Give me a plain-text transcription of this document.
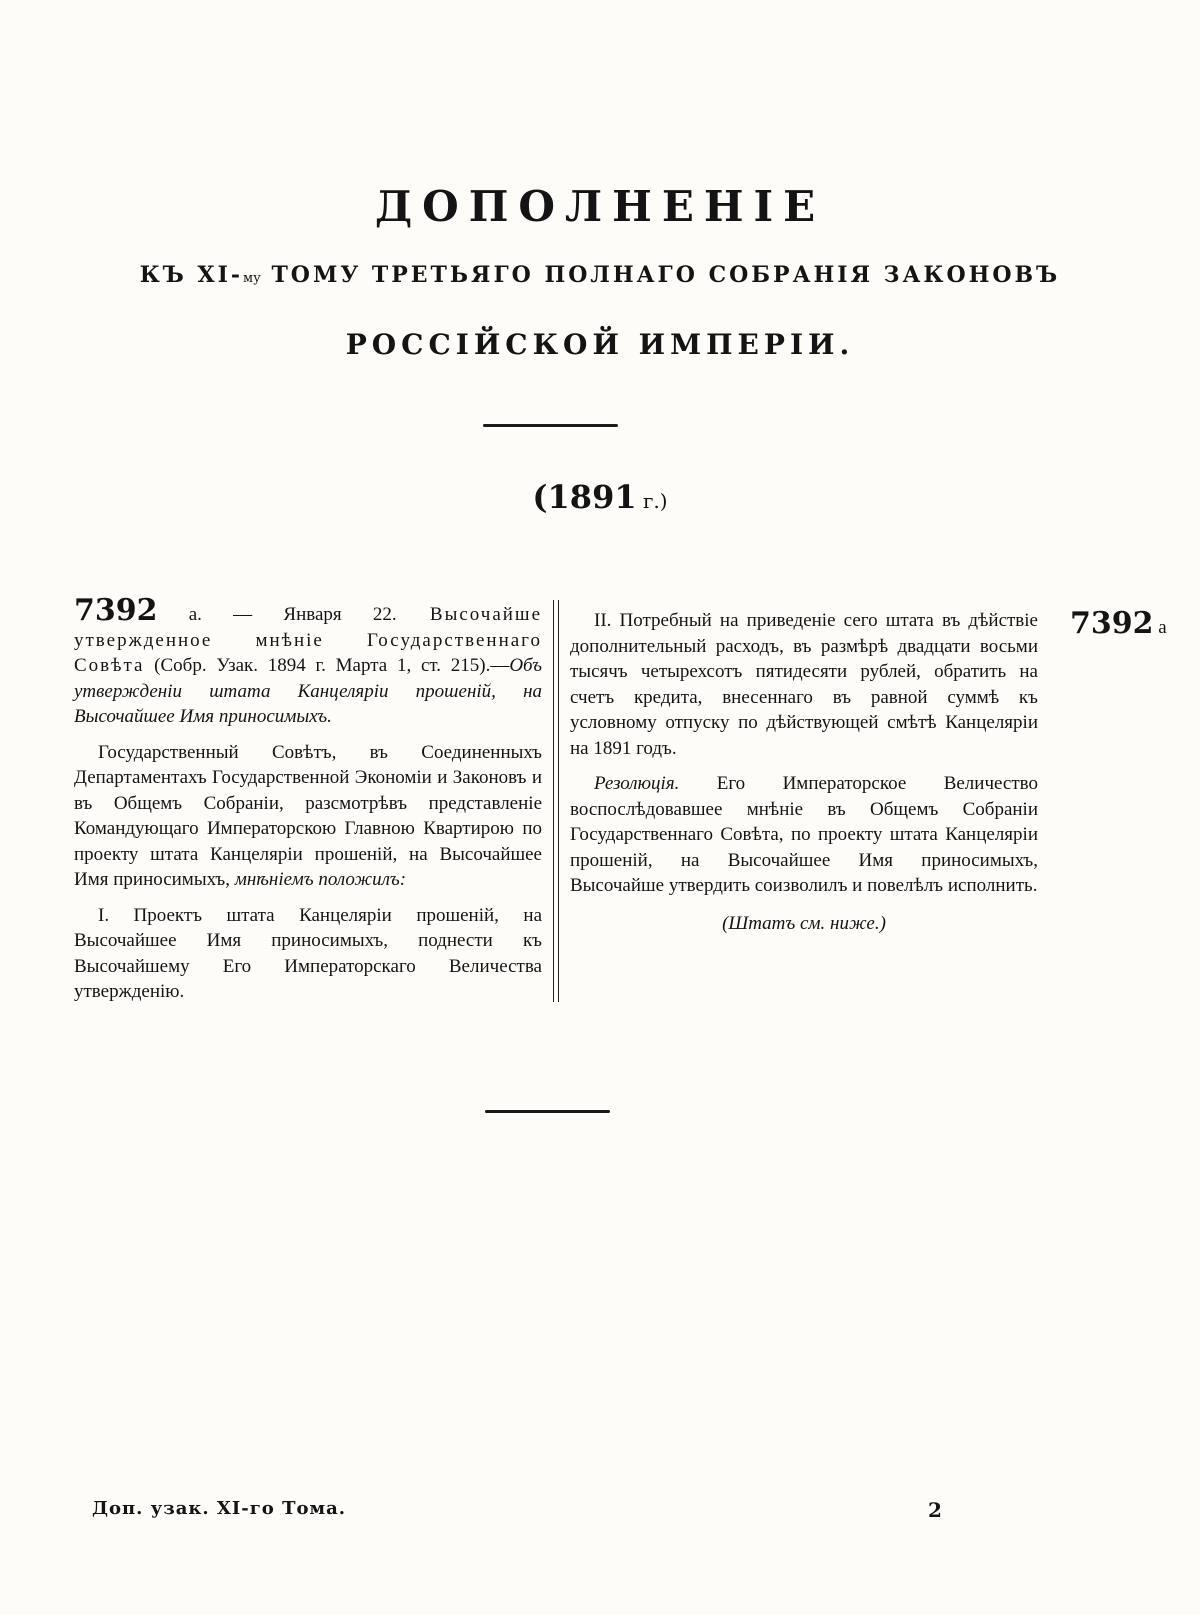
ДОПОЛНЕНІЕ
КЪ XI-му ТОМУ ТРЕТЬЯГО ПОЛНАГО СОБРАНІЯ ЗАКОНОВЪ
РОССІЙСКОЙ ИМПЕРІИ.
(1891 г.)

7392 а. — Января 22. Высочайше утвержденное мнѣніе Государственнаго Совѣта (Собр. Узак. 1894 г. Марта 1, ст. 215).—Объ утвержденіи штата Канцеляріи прошеній, на Высочайшее Имя приносимыхъ.

Государственный Совѣтъ, въ Соединенныхъ Департаментахъ Государственной Экономіи и Законовъ и въ Общемъ Собраніи, разсмотрѣвъ представленіе Командующаго Императорскою Главною Квартирою по проекту штата Канцеляріи прошеній, на Высочайшее Имя приносимыхъ, мнѣніемъ положилъ:

I. Проектъ штата Канцеляріи прошеній, на Высочайшее Имя приносимыхъ, поднести къ Высочайшему Его Императорскаго Величества утвержденію.

II. Потребный на приведеніе сего штата въ дѣйствіе дополнительный расходъ, въ размѣрѣ двадцати восьми тысячъ четырехсотъ пятидесяти рублей, обратить на счетъ кредита, внесеннаго въ равной суммѣ къ условному отпуску по дѣйствующей смѣтѣ Канцеляріи на 1891 годъ.

Резолюція. Его Императорское Величество воспослѣдовавшее мнѣніе въ Общемъ Собраніи Государственнаго Совѣта, по проекту штата Канцеляріи прошеній, на Высочайшее Имя приносимыхъ, Высочайше утвердить соизволилъ и повелѣлъ исполнить.

(Штатъ см. ниже.)

7392 а
Доп. узак. XI-го Тома.	2
